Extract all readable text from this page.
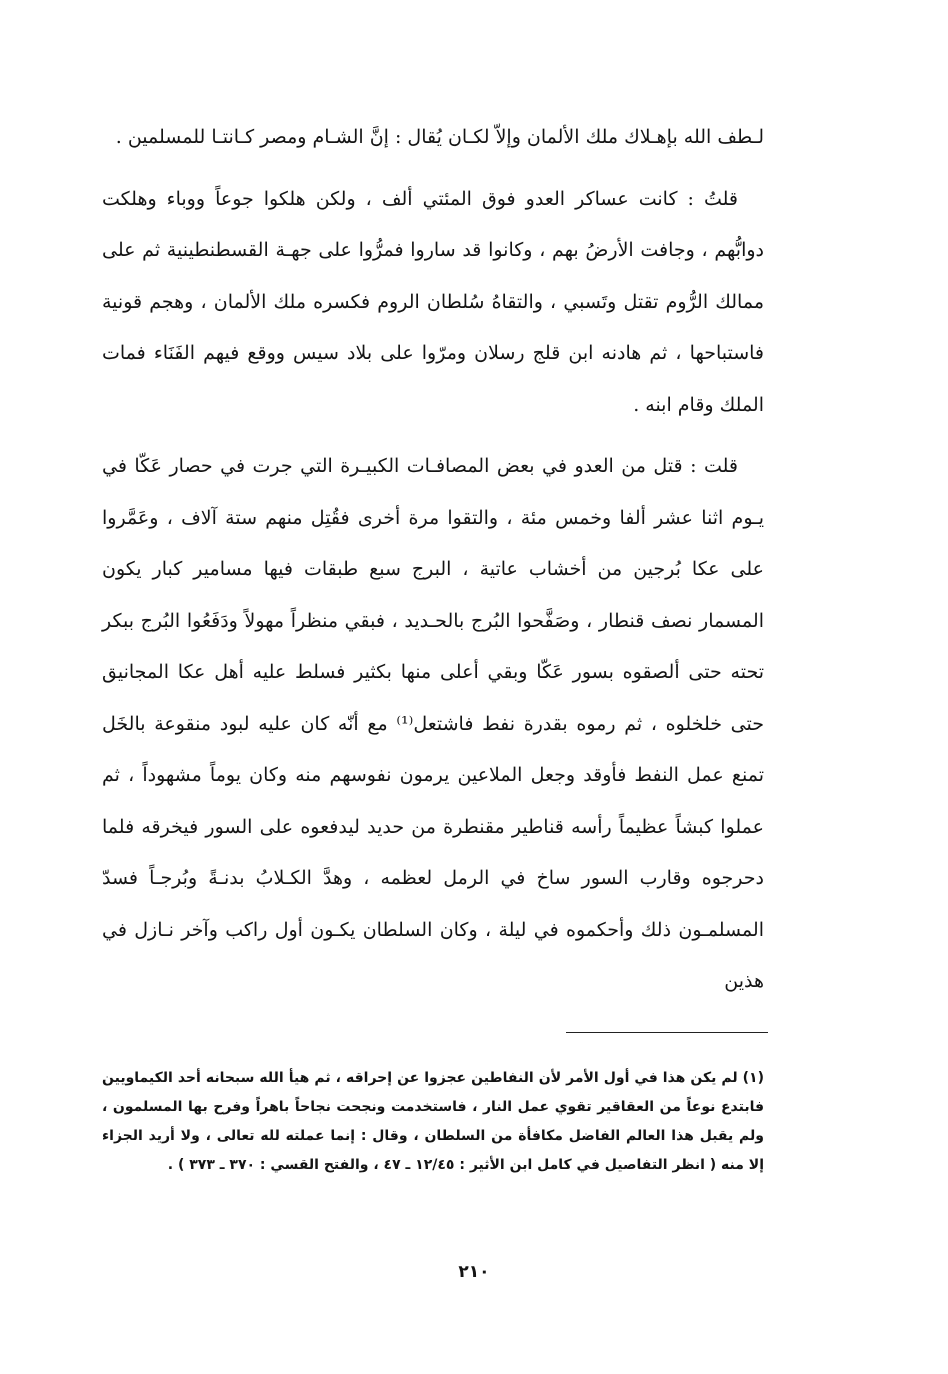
لـطف الله بإهـلاك ملك الألمان وإلاّ لكـان يُقال : إنَّ الشـام ومصر كـانتـا للمسلمين .

قلتُ : كانت عساكر العدو فوق المئتي ألف ، ولكن هلكوا جوعاً ووباء وهلكت دوابُّهم ، وجافت الأرضُ بهم ، وكانوا قد ساروا فمرُّوا على جهـة القسطنطينية ثم على ممالك الرُّوم تقتل وتَسبي ، والتقاهُ سُلطان الروم فكسره ملك الألمان ، وهجم قونية فاستباحها ، ثم هادنه ابن قلج رسلان ومرّوا على بلاد سيس ووقع فيهم الفَنَاء فمات الملك وقام ابنه .

قلت : قتل من العدو في بعض المصافـات الكبيـرة التي جرت في حصار عَكّا في يـوم اثنا عشر ألفا وخمس مئة ، والتقوا مرة أخرى فقُتِل منهم ستة آلاف ، وعَمَّروا على عكا بُرجين من أخشاب عاتية ، البرج سبع طبقات فيها مسامير كبار يكون المسمار نصف قنطار ، وصَفَّحوا البُرج بالحـديد ، فبقي منظراً مهولاً ودَفَعُوا البُرج ببكر تحته حتى ألصقوه بسور عَكّا وبقي أعلى منها بكثير فسلط عليه أهل عكا المجانيق حتى خلخلوه ، ثم رموه بقدرة نفط فاشتعل⁽¹⁾ مع أنّه كان عليه لبود منقوعة بالخَل تمنع عمل النفط فأوقد وجعل الملاعين يرمون نفوسهم منه وكان يوماً مشهوداً ، ثم عملوا كبشاً عظيماً رأسه قناطير مقنطرة من حديد ليدفعوه على السور فيخرقه فلما دحرجوه وقارب السور ساخ في الرمل لعظمه ، وهدَّ الكـلابُ بدنـةً وبُرجـاً فسدّ المسلمـون ذلك وأحكموه في ليلة ، وكان السلطان يكـون أول راكب وآخر نـازل في هذين

(١) لم يكن هذا في أول الأمر لأن النفاطين عجزوا عن إحراقه ، ثم هيأ الله سبحانه أحد الكيماويين فابتدع نوعاً من العقاقير تقوي عمل النار ، فاستخدمت ونجحت نجاحاً باهراً وفرح بها المسلمون ، ولم يقبل هذا العالم الفاضل مكافأة من السلطان ، وقال : إنما عملته لله تعالى ، ولا أريد الجزاء إلا منه ( انظر التفاصيل في كامل ابن الأثير : ١٢/٤٥ ـ ٤٧ ، والفتح القسي : ٣٧٠ ـ ٣٧٣ ) .

٢١٠
